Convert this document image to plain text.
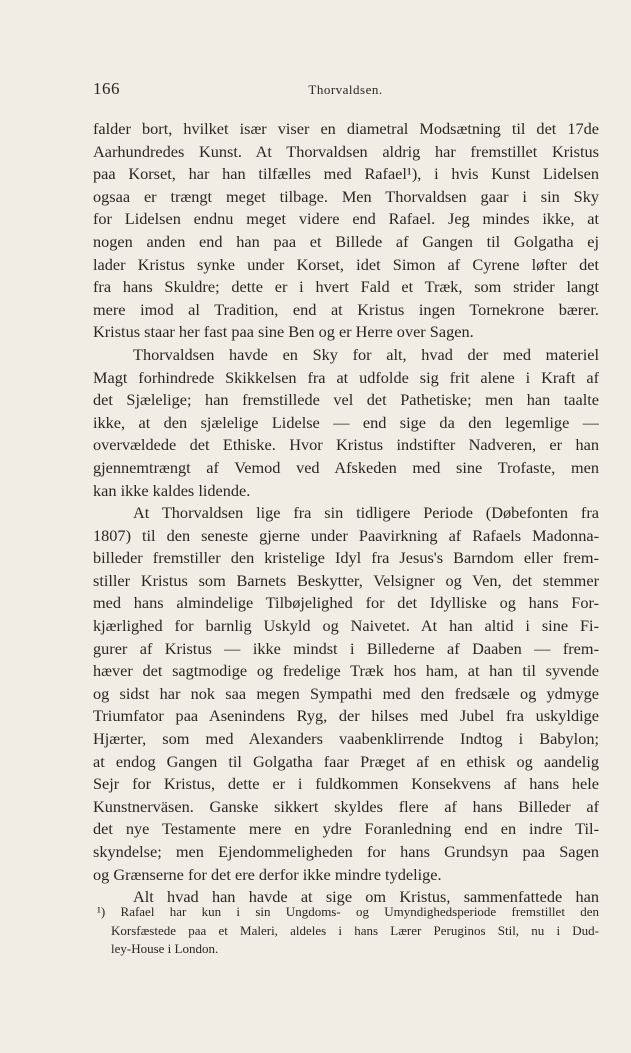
166	Thorvaldsen.
falder bort, hvilket især viser en diametral Modsætning til det 17de
Aarhundredes Kunst. At Thorvaldsen aldrig har fremstillet Kristus
paa Korset, har han tilfælles med Rafael¹), i hvis Kunst Lidelsen
ogsaa er trængt meget tilbage. Men Thorvaldsen gaar i sin Sky
for Lidelsen endnu meget videre end Rafael. Jeg mindes ikke, at
nogen anden end han paa et Billede af Gangen til Golgatha ej
lader Kristus synke under Korset, idet Simon af Cyrene løfter det
fra hans Skuldre; dette er i hvert Fald et Træk, som strider langt
mere imod al Tradition, end at Kristus ingen Tornekrone bærer.
Kristus staar her fast paa sine Ben og er Herre over Sagen.
Thorvaldsen havde en Sky for alt, hvad der med materiel
Magt forhindrede Skikkelsen fra at udfolde sig frit alene i Kraft af
det Sjælelige; han fremstillede vel det Pathetiske; men han taalte
ikke, at den sjælelige Lidelse — end sige da den legemlige —
overvældede det Ethiske. Hvor Kristus indstifter Nadveren, er han
gjennemtrængt af Vemod ved Afskeden med sine Trofaste, men
kan ikke kaldes lidende.
At Thorvaldsen lige fra sin tidligere Periode (Døbefonten fra
1807) til den seneste gjerne under Paavirkning af Rafaels Madonna-
billeder fremstiller den kristelige Idyl fra Jesus's Barndom eller frem-
stiller Kristus som Barnets Beskytter, Velsigner og Ven, det stemmer
med hans almindelige Tilbøjelighed for det Idylliske og hans For-
kjærlighed for barnlig Uskyld og Naivetet. At han altid i sine Fi-
gurer af Kristus — ikke mindst i Billederne af Daaben — frem-
hæver det sagtmodige og fredelige Træk hos ham, at han til syvende
og sidst har nok saa megen Sympathi med den fredsæle og ydmyge
Triumfator paa Asenindens Ryg, der hilses med Jubel fra uskyldige
Hjærter, som med Alexanders vaabenklirrende Indtog i Babylon;
at endog Gangen til Golgatha faar Præget af en ethisk og aandelig
Sejr for Kristus, dette er i fuldkommen Konsekvens af hans hele
Kunstnerväsen. Ganske sikkert skyldes flere af hans Billeder af
det nye Testamente mere en ydre Foranledning end en indre Til-
skyndelse; men Ejendommeligheden for hans Grundsyn paa Sagen
og Grænserne for det ere derfor ikke mindre tydelige.
Alt hvad han havde at sige om Kristus, sammenfattede han
¹) Rafael har kun i sin Ungdoms- og Umyndighedsperiode fremstillet den
Korsfæstede paa et Maleri, aldeles i hans Lærer Peruginos Stil, nu i Dud-
ley-House i London.
